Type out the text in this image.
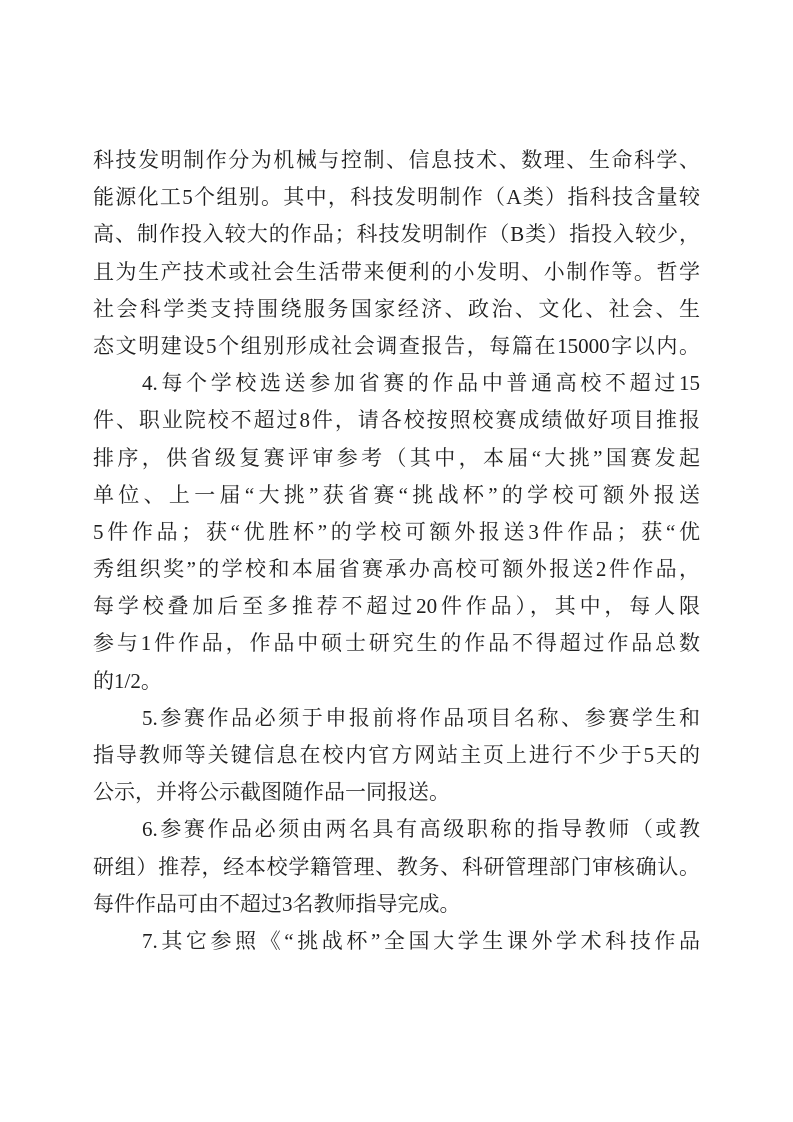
科技发明制作分为机械与控制、信息技术、数理、生命科学、
能源化工5个组别。其中，科技发明制作（A类）指科技含量较
高、制作投入较大的作品；科技发明制作（B类）指投入较少，
且为生产技术或社会生活带来便利的小发明、小制作等。哲学
社会科学类支持围绕服务国家经济、政治、文化、社会、生
态文明建设5个组别形成社会调查报告，每篇在15000字以内。
4.每个学校选送参加省赛的作品中普通高校不超过15
件、职业院校不超过8件，请各校按照校赛成绩做好项目推报
排序，供省级复赛评审参考（其中，本届“大挑”国赛发起
单位、上一届“大挑”获省赛“挑战杯”的学校可额外报送
5件作品；获“优胜杯”的学校可额外报送3件作品；获“优
秀组织奖”的学校和本届省赛承办高校可额外报送2件作品，
每学校叠加后至多推荐不超过20件作品），其中，每人限
参与1件作品，作品中硕士研究生的作品不得超过作品总数
的1/2。
5.参赛作品必须于申报前将作品项目名称、参赛学生和
指导教师等关键信息在校内官方网站主页上进行不少于5天的
公示，并将公示截图随作品一同报送。
6.参赛作品必须由两名具有高级职称的指导教师（或教
研组）推荐，经本校学籍管理、教务、科研管理部门审核确认。
每件作品可由不超过3名教师指导完成。
7.其它参照《“挑战杯”全国大学生课外学术科技作品
